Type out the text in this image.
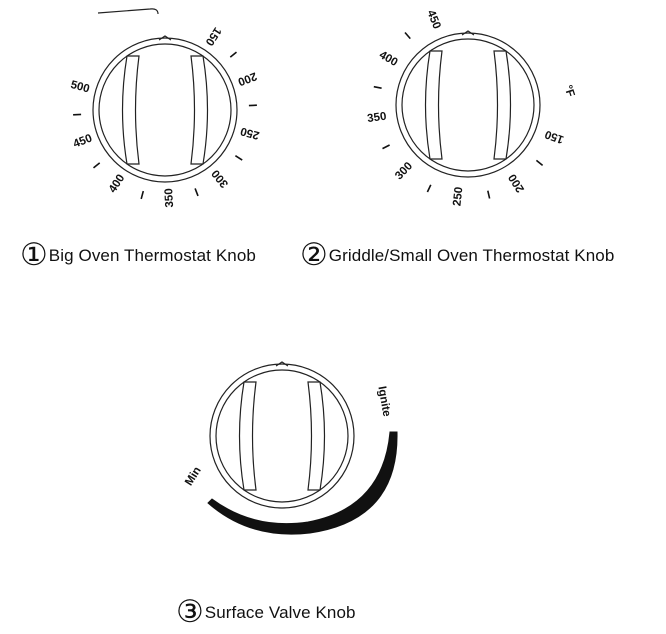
150
200
250
300
350
400
450
500
150
200
250
300
350
400
450
°F
Ignite
Min
① Big Oven Thermostat Knob ② Griddle/Small Oven Thermostat Knob
③ Surface Valve Knob
